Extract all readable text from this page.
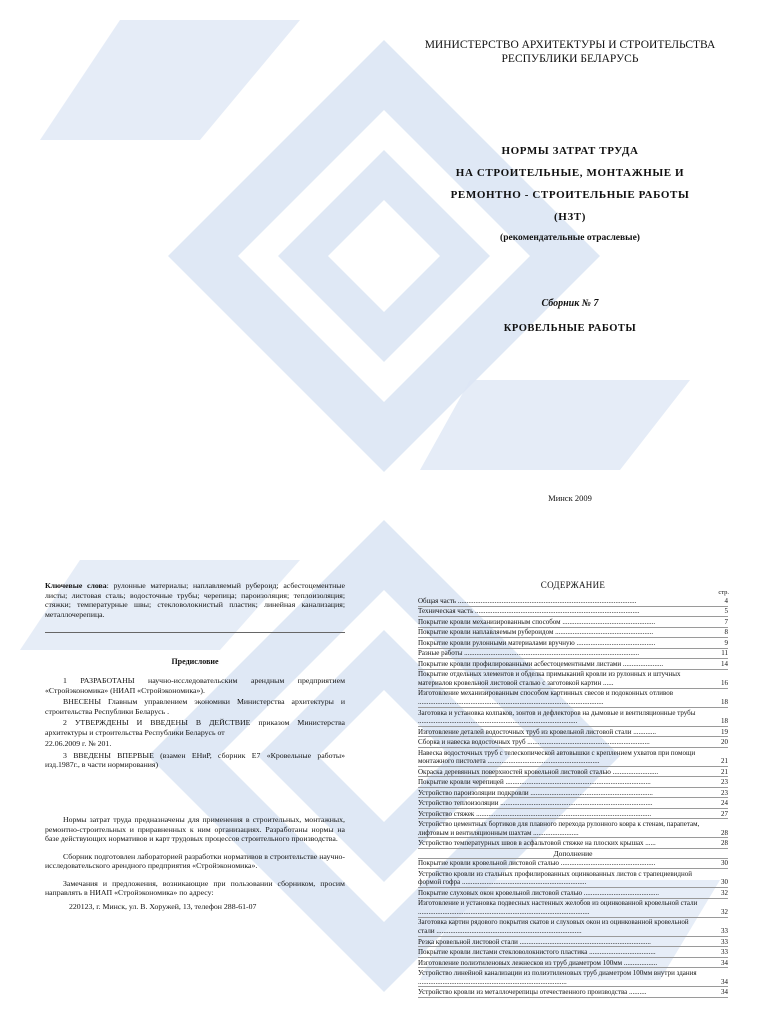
МИНИСТЕРСТВО АРХИТЕКТУРЫ И СТРОИТЕЛЬСТВА
РЕСПУБЛИКИ БЕЛАРУСЬ
НОРМЫ ЗАТРАТ ТРУДА
НА СТРОИТЕЛЬНЫЕ, МОНТАЖНЫЕ И
РЕМОНТНО - СТРОИТЕЛЬНЫЕ РАБОТЫ
(НЗТ)
(рекомендательные отраслевые)
Сборник № 7
КРОВЕЛЬНЫЕ РАБОТЫ
Минск 2009
Ключевые слова: рулонные материалы; наплавляемый рубероид; асбестоцементные листы; листовая сталь; водосточные трубы; черепица; пароизоляция; теплоизоляция; стяжки; температурные швы; стекловолокнистый пластик; линейная канализация; металлочерепица.
Предисловие

1 РАЗРАБОТАНЫ научно-исследовательским арендным предприятием «Стройэкономика» (НИАП «Стройэкономика»).

ВНЕСЕНЫ Главным управлением экономики Министерства архитектуры и строительства Республики Беларусь .

2 УТВЕРЖДЕНЫ И ВВЕДЕНЫ В ДЕЙСТВИЕ приказом Министерства архитектуры и строительства Республики Беларусь от

22.06.2009 г. № 201.

3 ВВЕДЕНЫ ВПЕРВЫЕ (взамен ЕНиР, сборник Е7 «Кровельные работы» изд.1987г., в части нормирования)

Нормы затрат труда предназначены для применения в строительных, монтажных, ремонтно-строительных и приравненных к ним организациях. Разработаны нормы на базе действующих нормативов и карт трудовых процессов строительного производства.

Сборник подготовлен лабораторией разработки нормативов в строительстве научно-исследовательского арендного предприятия «Стройэкономика».

Замечания и предложения, возникающие при пользовании сборником, просим направлять в НИАП «Стройэкономика» по адресу:

220123, г. Минск, ул. В. Хоружей, 13, телефон 288-61-07

СОДЕРЖАНИЕ
стр.
Общая часть ......................................................................................................	4
Техническая часть ..............................................................................................	5
Покрытие кровли механизированным способом .....................................................	7
Покрытие кровли наплавляемым рубероидом ........................................................	8
Покрытие кровли рулонными материалами вручную .............................................	9
Разные работы ....................................................................................................	11
Покрытие кровли профилированными асбестоцементными листами .......................	14
Покрытие отдельных элементов и обделка примыканий кровли из рулонных и штучных материалов кровельной листовой сталью с заготовкой картин ......	16
Изготовление механизированным способом картинных свесов и подоконных отливов ..........................................................................................................	18
Заготовка и установка колпаков, зонтов и дефлекторов на дымовые и вентиляционные трубы ...........................................................................................	18
Изготовление деталей водосточных труб из кровельной листовой стали .............	19
Сборка и навеска водосточных труб ......................................................................	20
Навеска водосточных труб с телескопической автовышки с креплением ухватов при помощи монтажного пистолета ................................................................	21
Окраска деревянных поверхностей кровельной листовой сталью ..........................	21
Покрытие кровли черепицей ...................................................................................	23
Устройство пароизоляции подкровли ......................................................................	23
Устройство теплоизоляции .......................................................................................	24
Устройство стяжек ....................................................................................................	27
Устройство цементных бортиков для плавного перехода рулонного ковра к стенам, парапетам, лифтовым и вентиляционным шахтам ..........................	28
Устройство температурных швов в асфальтовой стяжке на плоских крышах ......	28
Дополнение
Покрытие кровли кровельной листовой сталью ......................................................	30
Устройство кровли из стальных профилированных оцинкованных листов с трапециевидной формой гофра .......................................................................	30
Покрытие слуховых окон кровельной листовой сталью ...........................................	32
Изготовление и установка подвесных настенных желобов из оцинкованной кровельной стали ..................................................................................................	32
Заготовка картин рядового покрытия скатов и слуховых окон из оцинкованной кровельной стали ...................................................................................	33
Резка кровельной листовой стали ...........................................................................	33
Покрытие кровли листами стекловолокнистого пластика ......................................	33
Изготовление полиэтиленовых лежнесков из труб диаметром 100мм ...................	34
Устройство линейной канализации из полиэтиленовых труб диаметром 100мм внутри здания .....................................................................................	34
Устройство кровли из металлочерепицы отечественного производства ..........	34
